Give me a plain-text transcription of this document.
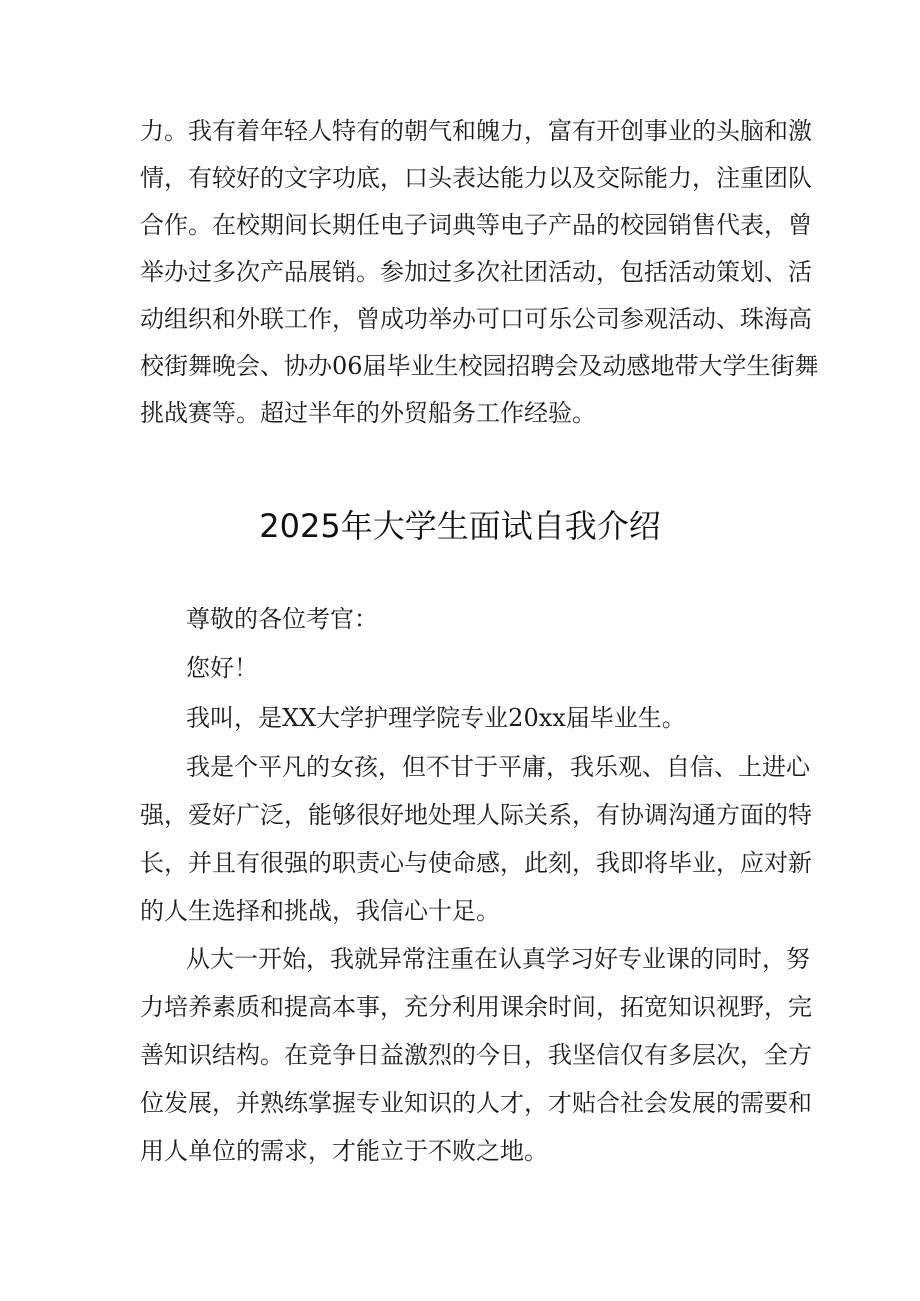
力。我有着年轻人特有的朝气和魄力，富有开创事业的头脑和激
情，有较好的文字功底，口头表达能力以及交际能力，注重团队
合作。在校期间长期任电子词典等电子产品的校园销售代表，曾
举办过多次产品展销。参加过多次社团活动，包括活动策划、活
动组织和外联工作，曾成功举办可口可乐公司参观活动、珠海高
校街舞晚会、协办06届毕业生校园招聘会及动感地带大学生街舞
挑战赛等。超过半年的外贸船务工作经验。
2025年大学生面试自我介绍
尊敬的各位考官：
您好！
我叫，是XX大学护理学院专业20xx届毕业生。
我是个平凡的女孩，但不甘于平庸，我乐观、自信、上进心
强，爱好广泛，能够很好地处理人际关系，有协调沟通方面的特
长，并且有很强的职责心与使命感，此刻，我即将毕业，应对新
的人生选择和挑战，我信心十足。
从大一开始，我就异常注重在认真学习好专业课的同时，努
力培养素质和提高本事，充分利用课余时间，拓宽知识视野，完
善知识结构。在竞争日益激烈的今日，我坚信仅有多层次，全方
位发展，并熟练掌握专业知识的人才，才贴合社会发展的需要和
用人单位的需求，才能立于不败之地。
